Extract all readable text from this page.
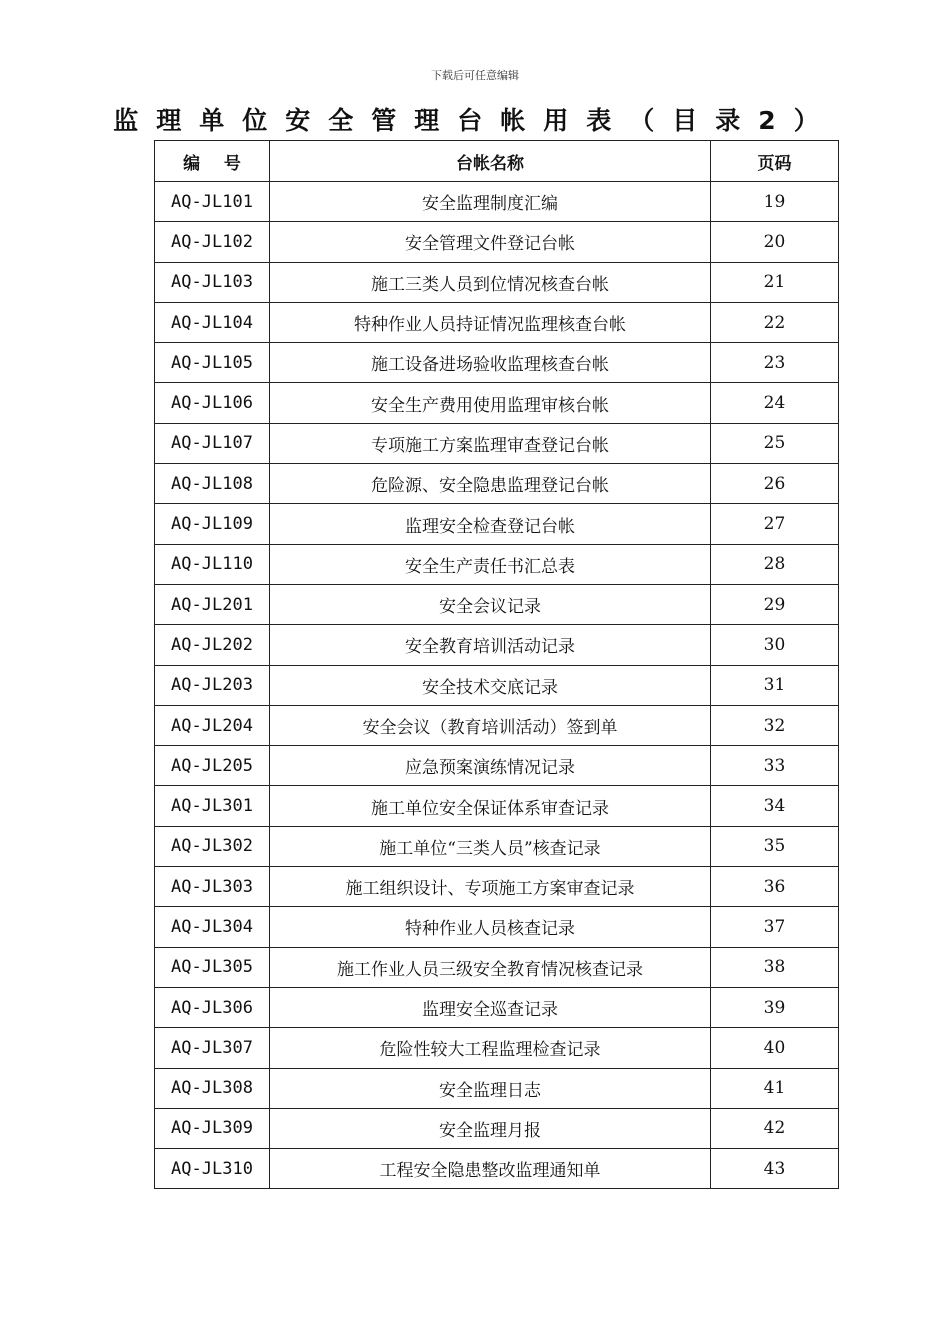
下载后可任意编辑
监理单位安全管理台帐用表（目录2）
编    号	台帐名称	页码
AQ-JL101	安全监理制度汇编	19
AQ-JL102	安全管理文件登记台帐	20
AQ-JL103	施工三类人员到位情况核查台帐	21
AQ-JL104	特种作业人员持证情况监理核查台帐	22
AQ-JL105	施工设备进场验收监理核查台帐	23
AQ-JL106	安全生产费用使用监理审核台帐	24
AQ-JL107	专项施工方案监理审查登记台帐	25
AQ-JL108	危险源、安全隐患监理登记台帐	26
AQ-JL109	监理安全检查登记台帐	27
AQ-JL110	安全生产责任书汇总表	28
AQ-JL201	安全会议记录	29
AQ-JL202	安全教育培训活动记录	30
AQ-JL203	安全技术交底记录	31
AQ-JL204	安全会议（教育培训活动）签到单	32
AQ-JL205	应急预案演练情况记录	33
AQ-JL301	施工单位安全保证体系审查记录	34
AQ-JL302	施工单位“三类人员”核查记录	35
AQ-JL303	施工组织设计、专项施工方案审查记录	36
AQ-JL304	特种作业人员核查记录	37
AQ-JL305	施工作业人员三级安全教育情况核查记录	38
AQ-JL306	监理安全巡查记录	39
AQ-JL307	危险性较大工程监理检查记录	40
AQ-JL308	安全监理日志	41
AQ-JL309	安全监理月报	42
AQ-JL310	工程安全隐患整改监理通知单	43
